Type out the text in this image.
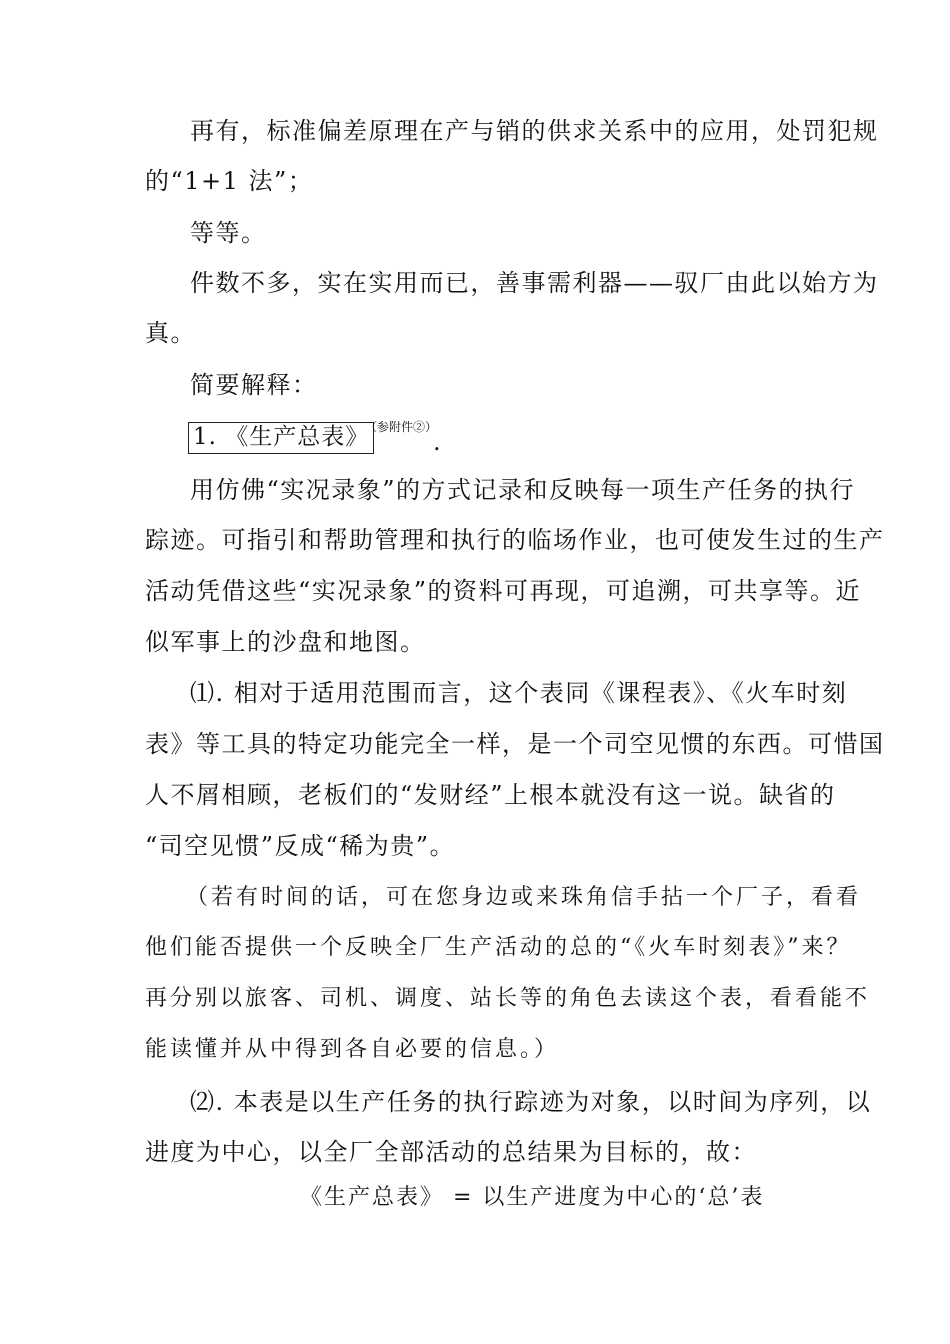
再有，标准偏差原理在产与销的供求关系中的应用，处罚犯规
的“1+1 法”；
等等。
件数不多，实在实用而已，善事需利器——驭厂由此以始方为
真。
简要解释：
1. 《生产总表》
（参附件②）
.
用仿佛“实况录象”的方式记录和反映每一项生产任务的执行
踪迹。可指引和帮助管理和执行的临场作业，也可使发生过的生产
活动凭借这些“实况录象”的资料可再现，可追溯，可共享等。近
似军事上的沙盘和地图。
⑴. 相对于适用范围而言，这个表同《课程表》、《火车时刻
表》等工具的特定功能完全一样，是一个司空见惯的东西。可惜国
人不屑相顾，老板们的“发财经”上根本就没有这一说。缺省的
“司空见惯”反成“稀为贵”。
（若有时间的话，可在您身边或来珠角信手拈一个厂子，看看
他们能否提供一个反映全厂生产活动的总的“《火车时刻表》”来？
再分别以旅客、司机、调度、站长等的角色去读这个表，看看能不
能读懂并从中得到各自必要的信息。）
⑵. 本表是以生产任务的执行踪迹为对象，以时间为序列，以
进度为中心，以全厂全部活动的总结果为目标的，故：
《生产总表》 = 以生产进度为中心的‘总’表
